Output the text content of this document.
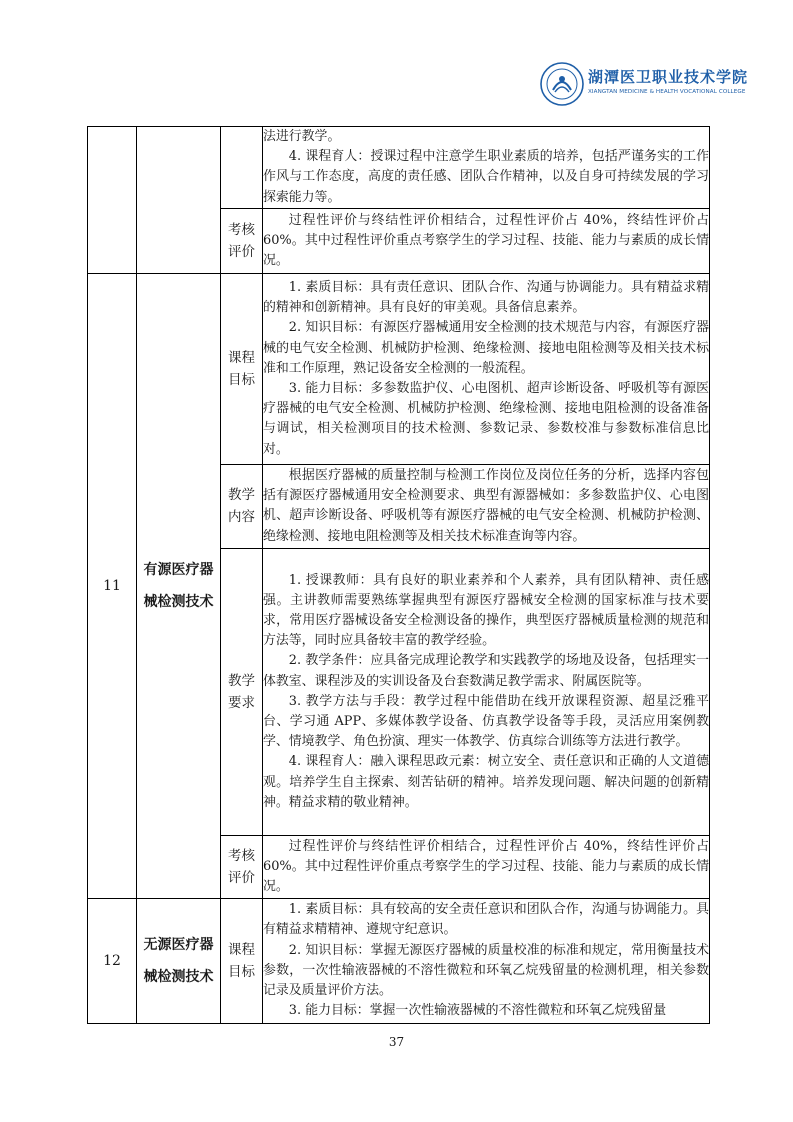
湖潭医卫职业技术学院
XIANGTAN MEDICINE & HEALTH VOCATIONAL COLLEGE

			法进行教学。

4. 课程育人：授课过程中注意学生职业素质的培养，包括严谨务实的工作作风与工作态度，高度的责任感、团队合作精神，以及自身可持续发展的学习探索能力等。

		考核评价	过程性评价与终结性评价相结合，过程性评价占 40%，终结性评价占 60%。其中过程性评价重点考察学生的学习过程、技能、能力与素质的成长情况。

11	有源医疗器械检测技术	课程目标	1. 素质目标：具有责任意识、团队合作、沟通与协调能力。具有精益求精的精神和创新精神。具有良好的审美观。具备信息素养。

2. 知识目标：有源医疗器械通用安全检测的技术规范与内容，有源医疗器械的电气安全检测、机械防护检测、绝缘检测、接地电阻检测等及相关技术标准和工作原理，熟记设备安全检测的一般流程。

3. 能力目标：多参数监护仪、心电图机、超声诊断设备、呼吸机等有源医疗器械的电气安全检测、机械防护检测、绝缘检测、接地电阻检测的设备准备与调试，相关检测项目的技术检测、参数记录、参数校准与参数标准信息比对。

		教学内容	根据医疗器械的质量控制与检测工作岗位及岗位任务的分析，选择内容包括有源医疗器械通用安全检测要求、典型有源器械如：多参数监护仪、心电图机、超声诊断设备、呼吸机等有源医疗器械的电气安全检测、机械防护检测、绝缘检测、接地电阻检测等及相关技术标准查询等内容。

		教学要求	1. 授课教师：具有良好的职业素养和个人素养，具有团队精神、责任感强。主讲教师需要熟练掌握典型有源医疗器械安全检测的国家标准与技术要求，常用医疗器械设备安全检测设备的操作，典型医疗器械质量检测的规范和方法等，同时应具备较丰富的教学经验。

2. 教学条件：应具备完成理论教学和实践教学的场地及设备，包括理实一体教室、课程涉及的实训设备及台套数满足教学需求、附属医院等。

3. 教学方法与手段：教学过程中能借助在线开放课程资源、超星泛雅平台、学习通 APP、多媒体教学设备、仿真教学设备等手段，灵活应用案例教学、情境教学、角色扮演、理实一体教学、仿真综合训练等方法进行教学。

4. 课程育人：融入课程思政元素：树立安全、责任意识和正确的人文道德观。培养学生自主探索、刻苦钻研的精神。培养发现问题、解决问题的创新精神。精益求精的敬业精神。

		考核评价	过程性评价与终结性评价相结合，过程性评价占 40%，终结性评价占 60%。其中过程性评价重点考察学生的学习过程、技能、能力与素质的成长情况。

12	无源医疗器械检测技术	课程目标	1. 素质目标：具有较高的安全责任意识和团队合作，沟通与协调能力。具有精益求精精神、遵规守纪意识。

2. 知识目标：掌握无源医疗器械的质量校准的标准和规定，常用衡量技术参数，一次性输液器械的不溶性微粒和环氧乙烷残留量的检测机理，相关参数记录及质量评价方法。

3. 能力目标：掌握一次性输液器械的不溶性微粒和环氧乙烷残留量

37
